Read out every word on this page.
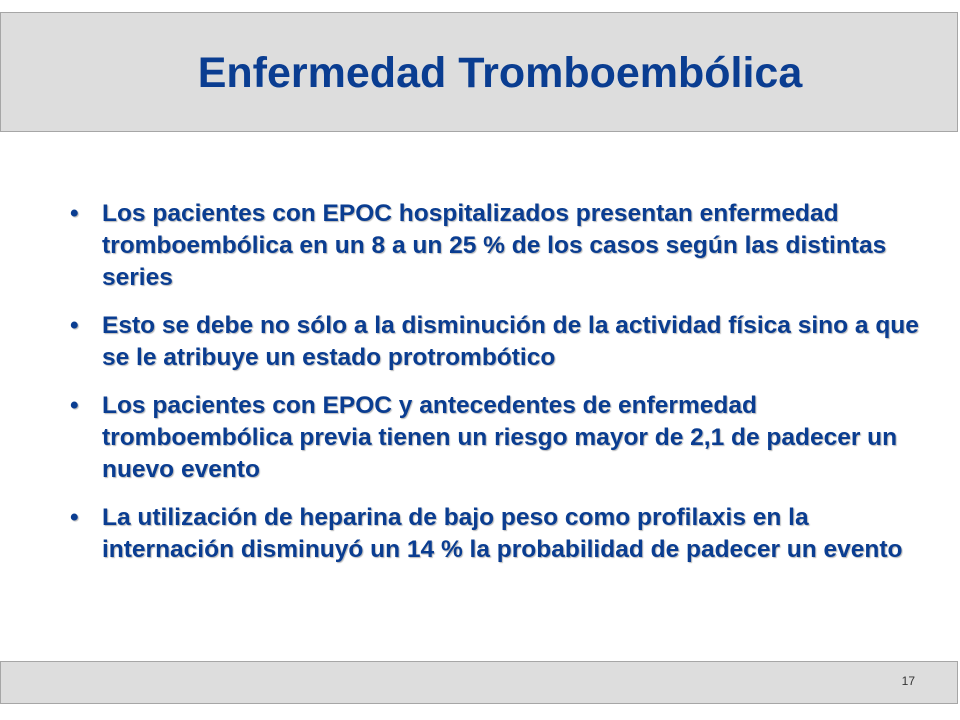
Enfermedad Tromboembólica
• Los pacientes con EPOC hospitalizados presentan enfermedad tromboembólica en un 8 a un 25 % de los casos según las distintas series
• Esto se debe no sólo a la disminución de la actividad física sino a que se le atribuye un estado protrombótico
• Los pacientes con EPOC y antecedentes de enfermedad tromboembólica previa tienen un riesgo mayor de 2,1 de padecer un nuevo evento
• La utilización de heparina de bajo peso como profilaxis en la internación disminuyó un 14 % la probabilidad de padecer un evento
17
